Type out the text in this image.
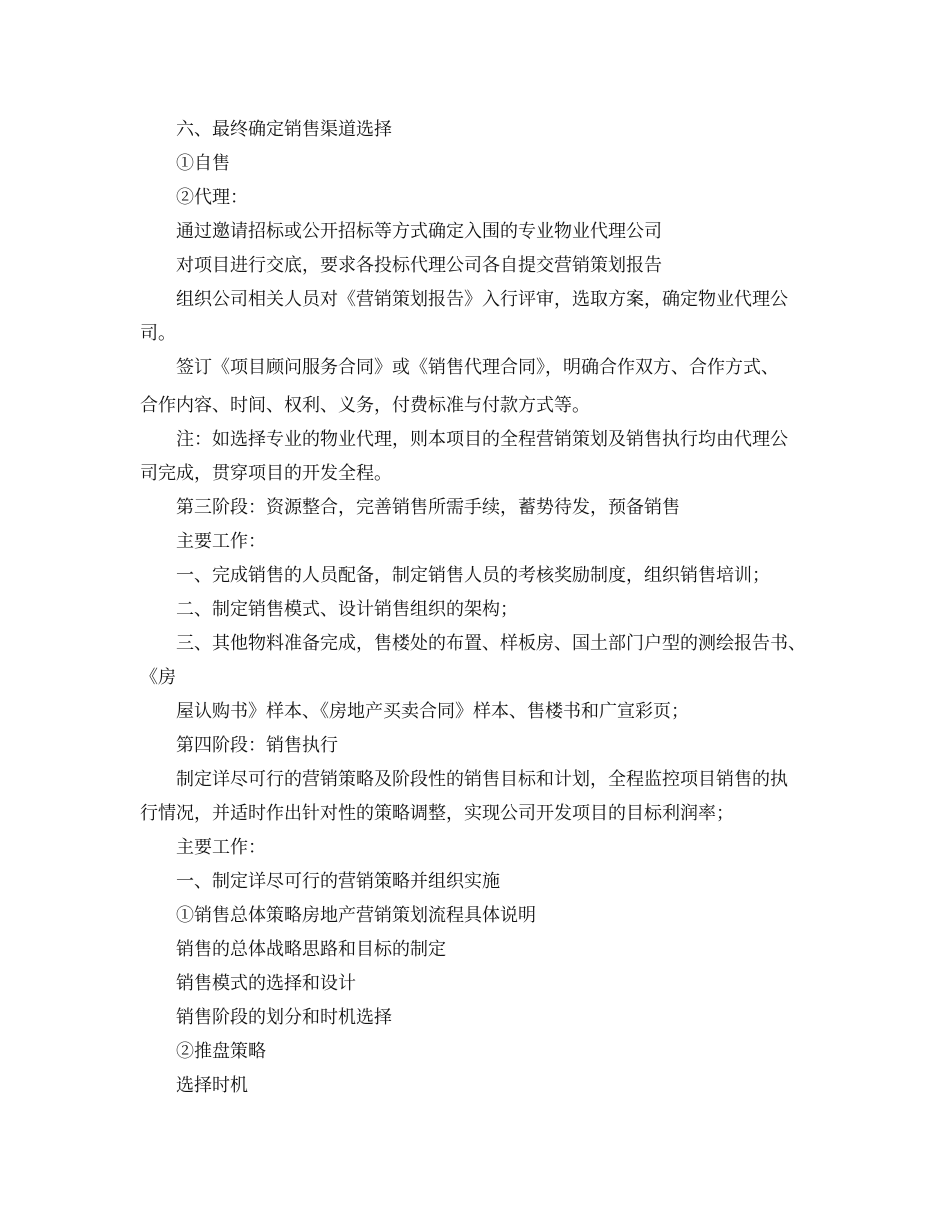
六、最终确定销售渠道选择
①自售
②代理：
通过邀请招标或公开招标等方式确定入围的专业物业代理公司
对项目进行交底，要求各投标代理公司各自提交营销策划报告
组织公司相关人员对《营销策划报告》入行评审，选取方案，确定物业代理公
司。
签订《项目顾问服务合同》或《销售代理合同》，明确合作双方、合作方式、
合作内容、时间、权利、义务，付费标准与付款方式等。
注：如选择专业的物业代理，则本项目的全程营销策划及销售执行均由代理公
司完成，贯穿项目的开发全程。
第三阶段：资源整合，完善销售所需手续，蓄势待发，预备销售
主要工作：
一、完成销售的人员配备，制定销售人员的考核奖励制度，组织销售培训；
二、制定销售模式、设计销售组织的架构；
三、其他物料准备完成，售楼处的布置、样板房、国土部门户型的测绘报告书、
《房
屋认购书》样本、《房地产买卖合同》样本、售楼书和广宣彩页；
第四阶段：销售执行
制定详尽可行的营销策略及阶段性的销售目标和计划，全程监控项目销售的执
行情况，并适时作出针对性的策略调整，实现公司开发项目的目标利润率；
主要工作：
一、制定详尽可行的营销策略并组织实施
①销售总体策略房地产营销策划流程具体说明
销售的总体战略思路和目标的制定
销售模式的选择和设计
销售阶段的划分和时机选择
②推盘策略
选择时机
